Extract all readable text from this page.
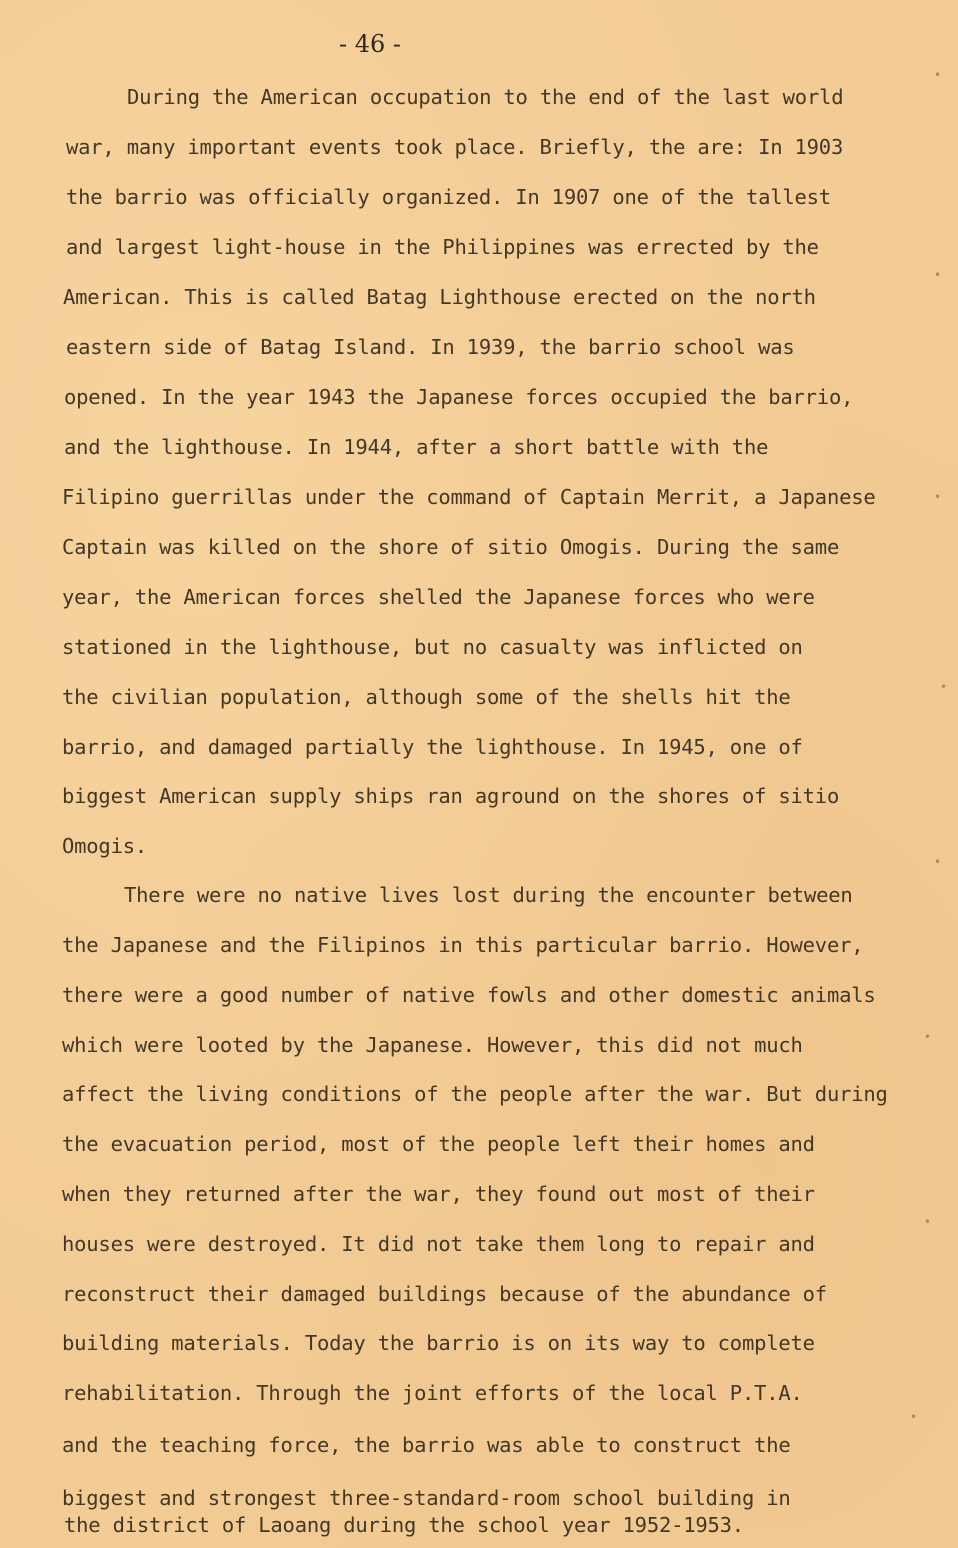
- 46 -
During the American occupation to the end of the last world
war, many important events took place. Briefly, the are: In 1903
the barrio was officially organized. In 1907 one of the tallest
and largest light-house in the Philippines was errected by the
American. This is called Batag Lighthouse erected on the north
eastern side of Batag Island. In 1939, the barrio school was
opened. In the year 1943 the Japanese forces occupied the barrio,
and the lighthouse. In 1944, after a short battle with the
Filipino guerrillas under the command of Captain Merrit, a Japanese
Captain was killed on the shore of sitio Omogis. During the same
year, the American forces shelled the Japanese forces who were
stationed in the lighthouse, but no casualty was inflicted on
the civilian population, although some of the shells hit the
barrio, and damaged partially the lighthouse. In 1945, one of
biggest American supply ships ran aground on the shores of sitio
Omogis.
There were no native lives lost during the encounter between
the Japanese and the Filipinos in this particular barrio. However,
there were a good number of native fowls and other domestic animals
which were looted by the Japanese. However, this did not much
affect the living conditions of the people after the war. But during
the evacuation period, most of the people left their homes and
when they returned after the war, they found out most of their
houses were destroyed. It did not take them long to repair and
reconstruct their damaged buildings because of the abundance of
building materials. Today the barrio is on its way to complete
rehabilitation. Through the joint efforts of the local P.T.A.
and the teaching force, the barrio was able to construct the
biggest and strongest three-standard-room school building in
the district of Laoang during the school year 1952-1953.
•
•
•
•
•
•
•
•
